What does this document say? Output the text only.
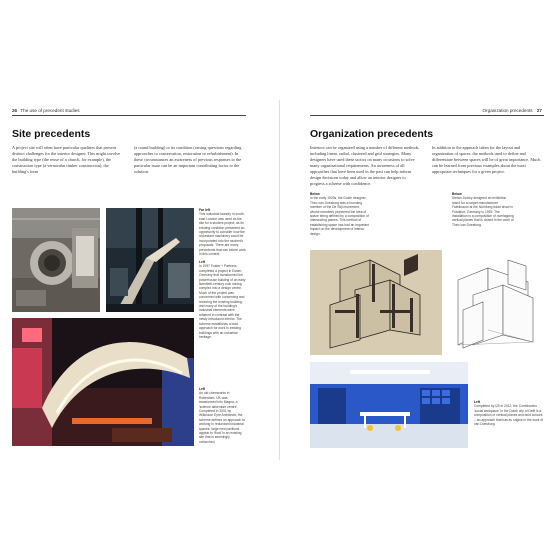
26 The use of precedent studies
Site precedents

A project site will often have particular qualities that present distinct challenges for the interior designer. This might involve the building type (the reuse of a church, for example), the construction type (a vernacular timber construction), the building's form

(a round building) or its condition (raising questions regarding approaches to conservation, restoration or refurbishment). In these circumstances an awareness of previous responses to the particular issue can be an important contributing factor to the solution.

Far left
This industrial laundry in south-east London was used as the site for a student project, as its existing condition presented an opportunity to consider how the redundant machinery could be incorporated into the student's proposals. There are many precedents that can inform work in this context.

Left
In 1997 Foster + Partners completed a project in Essen, Germany that transformed the powerhouse building of an early twentieth-century coal mining complex into a design centre. Much of the project was concerned with conserving and restoring the existing building, and many of the building's industrial elements were retained in contrast with the newly introduced interior. The scheme establishes a bold approach for work in existing buildings with an industrial heritage.

Left
An old chemworks in Rotterdam, UK was transformed into Magna, a 'science adventure centre'. Completed in 2001 by Wilkinson Eyre Architects, the scheme defines an approach to working in redundant industrial spaces: large new pavilions appear to 'float' in an existing site that is seemingly untouched.

Organization precedents 27
Organization precedents

Interiors can be organized using a number of different methods, including linear, radial, clustered and grid strategies. Many designers have used these tactics on many occasions to solve many organizational requirements. An awareness of all approaches that have been used in the past can help inform design decisions today and allow an interior designer to progress a scheme with confidence.

In addition to the approach taken for the layout and organization of spaces, the methods used to define and differentiate between spaces will be of great importance. Much can be learned from previous examples about the most appropriate techniques for a given project.

Below
In the early 1920s, the Dutch designer Theo van Doesburg was a founding member of the De Stijl movement, whose members pioneered the idea of space being defined by a composition of intersecting planes. This method of establishing space has had an important impact on the development of interior design.

Below
Stefan Zwicky designed an exhibition stand for a carpet manufacturer Fabrikraum at the Nürnberg trade show in Frankfurt, Germany in 1993. The installation is a composition of overlapping vertical planes that is rooted in the work of Theo van Doesburg.

Left
Completed by i29 in 2012, the Combiworks 'social workplace' in the Dutch city of Delft is a composition of vertical planes and bold colours – an approach that has its origins in the work of van Doesburg.
